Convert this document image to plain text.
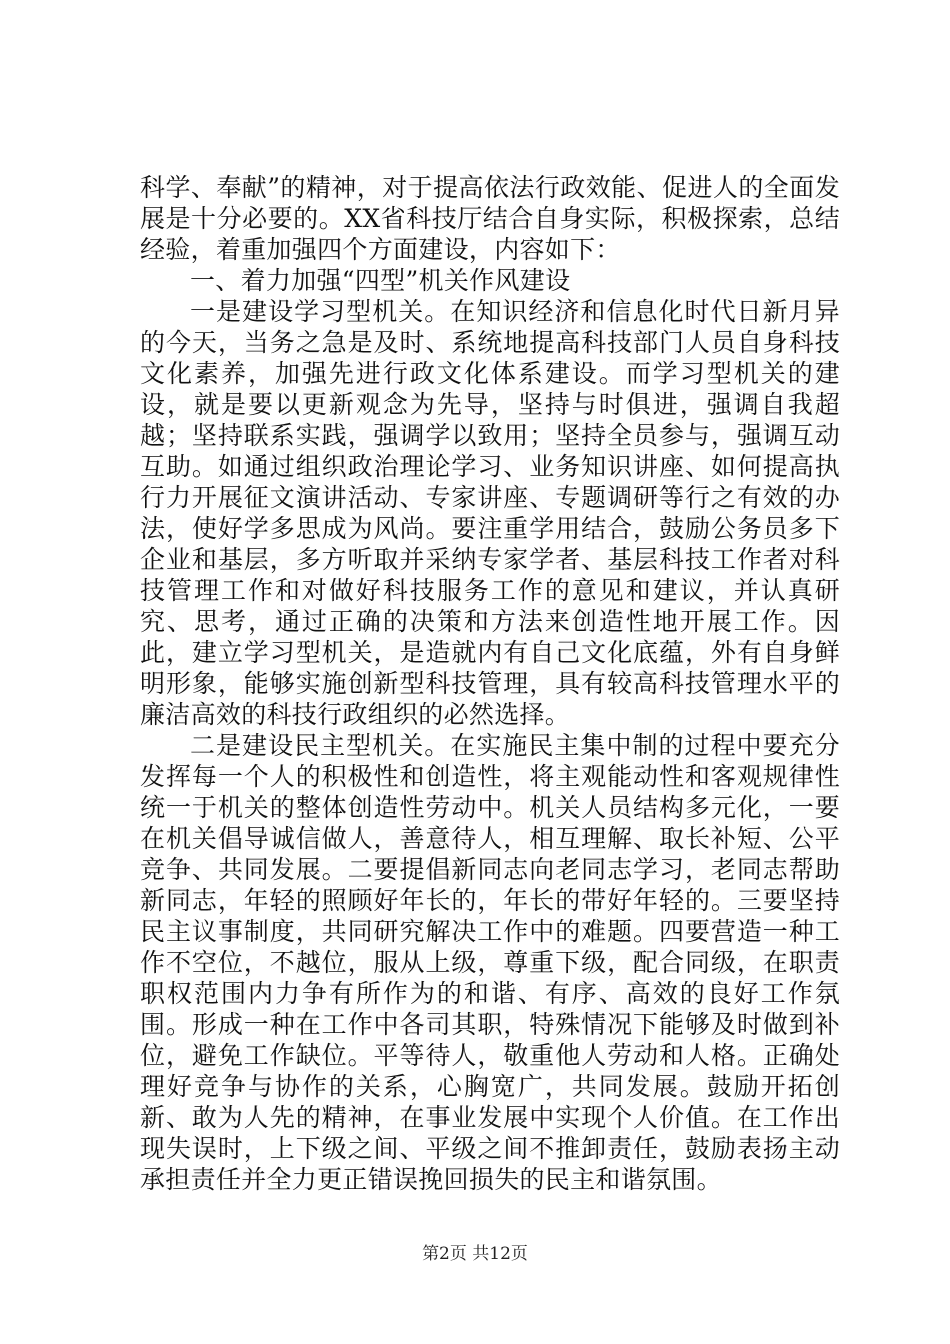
科学、奉献”的精神，对于提高依法行政效能、促进人的全面发展是十分必要的。XX省科技厅结合自身实际，积极探索，总结经验，着重加强四个方面建设，内容如下：

一、着力加强“四型”机关作风建设

一是建设学习型机关。在知识经济和信息化时代日新月异的今天，当务之急是及时、系统地提高科技部门人员自身科技文化素养，加强先进行政文化体系建设。而学习型机关的建设，就是要以更新观念为先导，坚持与时俱进，强调自我超越；坚持联系实践，强调学以致用；坚持全员参与，强调互动互助。如通过组织政治理论学习、业务知识讲座、如何提高执行力开展征文演讲活动、专家讲座、专题调研等行之有效的办法，使好学多思成为风尚。要注重学用结合，鼓励公务员多下企业和基层，多方听取并采纳专家学者、基层科技工作者对科技管理工作和对做好科技服务工作的意见和建议，并认真研究、思考，通过正确的决策和方法来创造性地开展工作。因此，建立学习型机关，是造就内有自己文化底蕴，外有自身鲜明形象，能够实施创新型科技管理，具有较高科技管理水平的廉洁高效的科技行政组织的必然选择。

二是建设民主型机关。在实施民主集中制的过程中要充分发挥每一个人的积极性和创造性，将主观能动性和客观规律性统一于机关的整体创造性劳动中。机关人员结构多元化，一要在机关倡导诚信做人，善意待人，相互理解、取长补短、公平竞争、共同发展。二要提倡新同志向老同志学习，老同志帮助新同志，年轻的照顾好年长的，年长的带好年轻的。三要坚持民主议事制度，共同研究解决工作中的难题。四要营造一种工作不空位，不越位，服从上级，尊重下级，配合同级，在职责职权范围内力争有所作为的和谐、有序、高效的良好工作氛围。形成一种在工作中各司其职，特殊情况下能够及时做到补位，避免工作缺位。平等待人，敬重他人劳动和人格。正确处理好竞争与协作的关系，心胸宽广，共同发展。鼓励开拓创新、敢为人先的精神，在事业发展中实现个人价值。在工作出现失误时，上下级之间、平级之间不推卸责任，鼓励表扬主动承担责任并全力更正错误挽回损失的民主和谐氛围。

第2页 共12页
